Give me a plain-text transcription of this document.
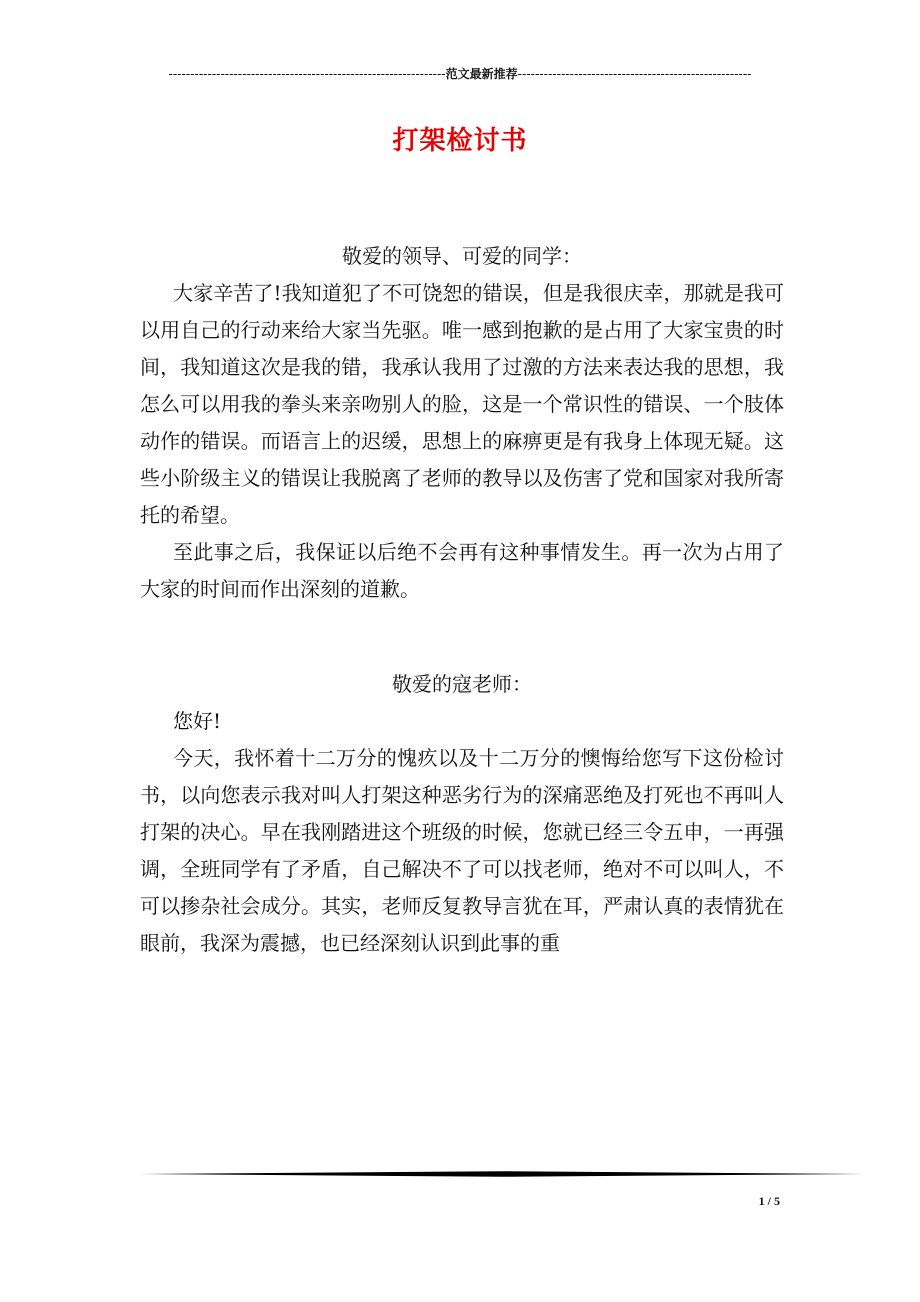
----------------------------------------------------------------范文最新推荐------------------------------------------------------
打架检讨书

敬爱的领导、可爱的同学：

大家辛苦了!我知道犯了不可饶恕的错误，但是我很庆幸，那就是我可以用自己的行动来给大家当先驱。唯一感到抱歉的是占用了大家宝贵的时间，我知道这次是我的错，我承认我用了过激的方法来表达我的思想，我怎么可以用我的拳头来亲吻别人的脸，这是一个常识性的错误、一个肢体动作的错误。而语言上的迟缓，思想上的麻痹更是有我身上体现无疑。这些小阶级主义的错误让我脱离了老师的教导以及伤害了党和国家对我所寄托的希望。

至此事之后，我保证以后绝不会再有这种事情发生。再一次为占用了大家的时间而作出深刻的道歉。

敬爱的寇老师：

您好!

今天，我怀着十二万分的愧疚以及十二万分的懊悔给您写下这份检讨书，以向您表示我对叫人打架这种恶劣行为的深痛恶绝及打死也不再叫人打架的决心。早在我刚踏进这个班级的时候，您就已经三令五申，一再强调，全班同学有了矛盾，自己解决不了可以找老师，绝对不可以叫人，不可以掺杂社会成分。其实，老师反复教导言犹在耳，严肃认真的表情犹在眼前，我深为震撼，也已经深刻认识到此事的重

1 / 5
